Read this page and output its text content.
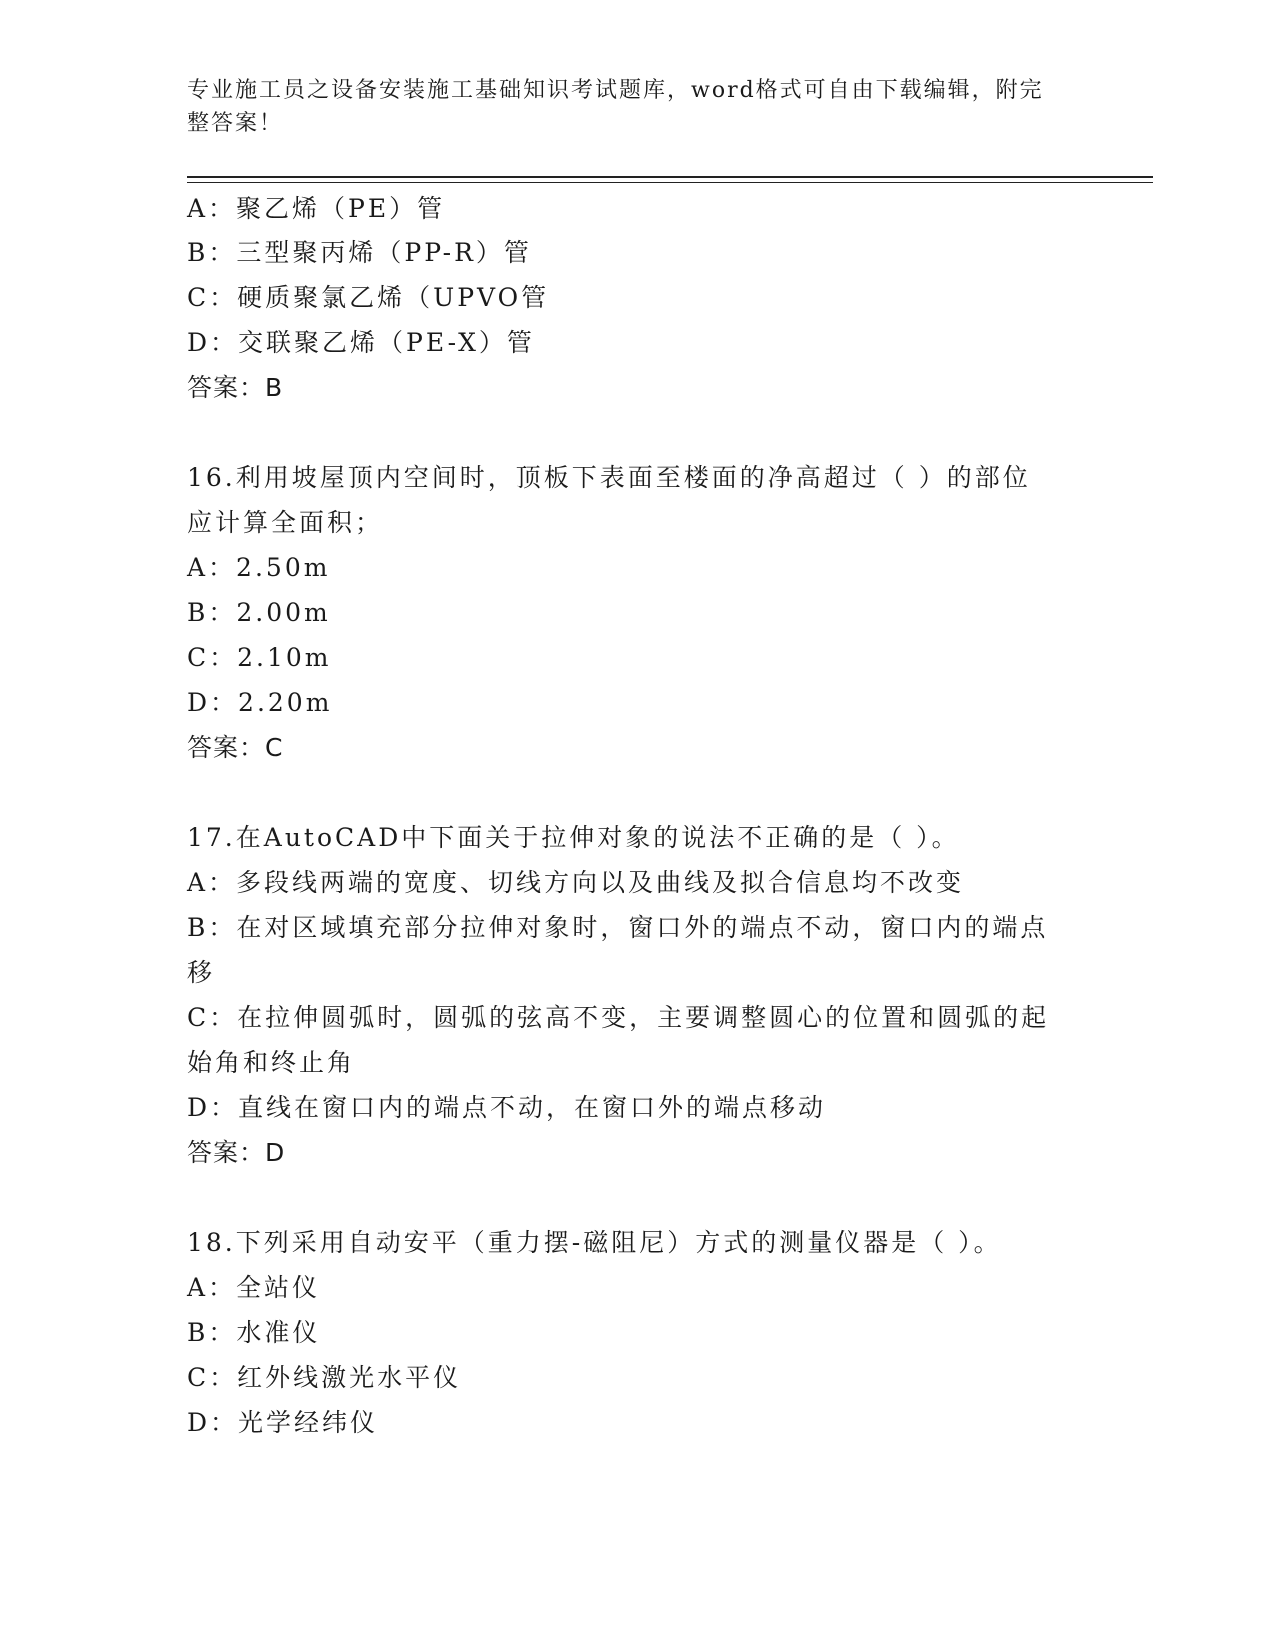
专业施工员之设备安装施工基础知识考试题库，word格式可自由下载编辑，附完
整答案！
A：聚乙烯（PE）管
B：三型聚丙烯（PP-R）管
C：硬质聚氯乙烯（UPVO管
D：交联聚乙烯（PE-X）管
答案：B
16.利用坡屋顶内空间时，顶板下表面至楼面的净高超过（ ）的部位
应计算全面积；
A：2.50m
B：2.00m
C：2.10m
D：2.20m
答案：C
17.在AutoCAD中下面关于拉伸对象的说法不正确的是（ ）。
A：多段线两端的宽度、切线方向以及曲线及拟合信息均不改变
B：在对区域填充部分拉伸对象时，窗口外的端点不动，窗口内的端点
移
C：在拉伸圆弧时，圆弧的弦高不变，主要调整圆心的位置和圆弧的起
始角和终止角
D：直线在窗口内的端点不动，在窗口外的端点移动
答案：D
18.下列采用自动安平（重力摆-磁阻尼）方式的测量仪器是（ ）。
A：全站仪
B：水准仪
C：红外线激光水平仪
D：光学经纬仪
